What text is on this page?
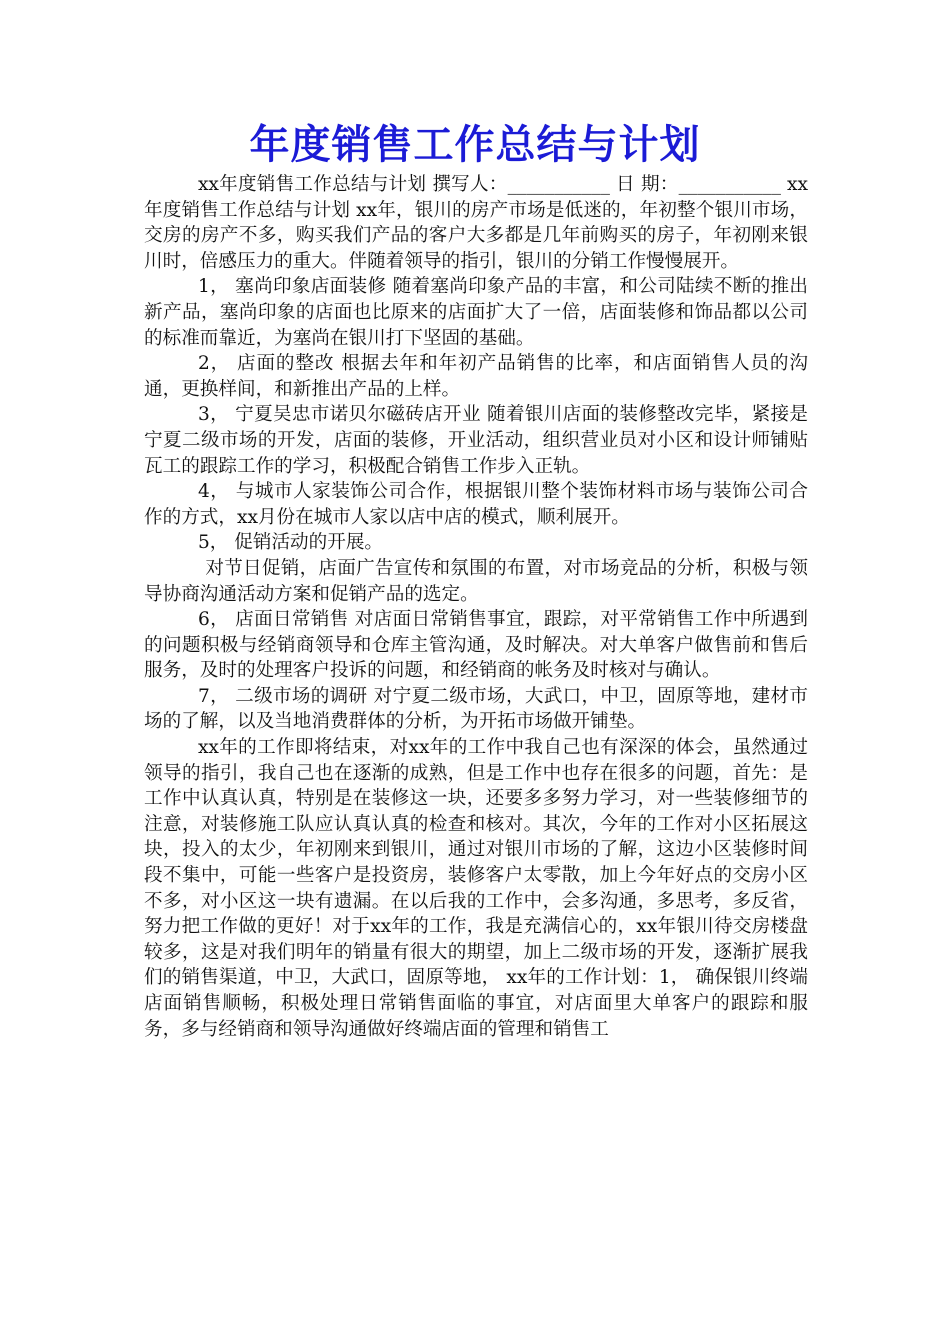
年度销售工作总结与计划

xx年度销售工作总结与计划 撰写人：___________ 日 期：___________ xx年度销售工作总结与计划 xx年，银川的房产市场是低迷的，年初整个银川市场，交房的房产不多，购买我们产品的客户大多都是几年前购买的房子，年初刚来银川时，倍感压力的重大。伴随着领导的指引，银川的分销工作慢慢展开。

1， 塞尚印象店面装修 随着塞尚印象产品的丰富，和公司陆续不断的推出新产品，塞尚印象的店面也比原来的店面扩大了一倍，店面装修和饰品都以公司的标准而靠近，为塞尚在银川打下坚固的基础。

2， 店面的整改 根据去年和年初产品销售的比率，和店面销售人员的沟通，更换样间，和新推出产品的上样。

3， 宁夏吴忠市诺贝尔磁砖店开业 随着银川店面的装修整改完毕，紧接是宁夏二级市场的开发，店面的装修，开业活动，组织营业员对小区和设计师铺贴瓦工的跟踪工作的学习，积极配合销售工作步入正轨。

4， 与城市人家装饰公司合作，根据银川整个装饰材料市场与装饰公司合作的方式，xx月份在城市人家以店中店的模式，顺利展开。

5， 促销活动的开展。

对节日促销，店面广告宣传和氛围的布置，对市场竞品的分析，积极与领导协商沟通活动方案和促销产品的选定。

6， 店面日常销售 对店面日常销售事宜，跟踪，对平常销售工作中所遇到的问题积极与经销商领导和仓库主管沟通，及时解决。对大单客户做售前和售后服务，及时的处理客户投诉的问题，和经销商的帐务及时核对与确认。

7， 二级市场的调研 对宁夏二级市场，大武口，中卫，固原等地，建材市场的了解，以及当地消费群体的分析，为开拓市场做开铺垫。

xx年的工作即将结束，对xx年的工作中我自己也有深深的体会，虽然通过领导的指引，我自己也在逐渐的成熟，但是工作中也存在很多的问题，首先：是工作中认真认真，特别是在装修这一块，还要多多努力学习，对一些装修细节的注意，对装修施工队应认真认真的检查和核对。其次，今年的工作对小区拓展这块，投入的太少，年初刚来到银川，通过对银川市场的了解，这边小区装修时间段不集中，可能一些客户是投资房，装修客户太零散，加上今年好点的交房小区不多，对小区这一块有遗漏。在以后我的工作中，会多沟通，多思考，多反省，努力把工作做的更好！对于xx年的工作，我是充满信心的，xx年银川待交房楼盘较多，这是对我们明年的销量有很大的期望，加上二级市场的开发，逐渐扩展我们的销售渠道，中卫，大武口，固原等地， xx年的工作计划：1， 确保银川终端店面销售顺畅，积极处理日常销售面临的事宜，对店面里大单客户的跟踪和服务，多与经销商和领导沟通做好终端店面的管理和销售工
